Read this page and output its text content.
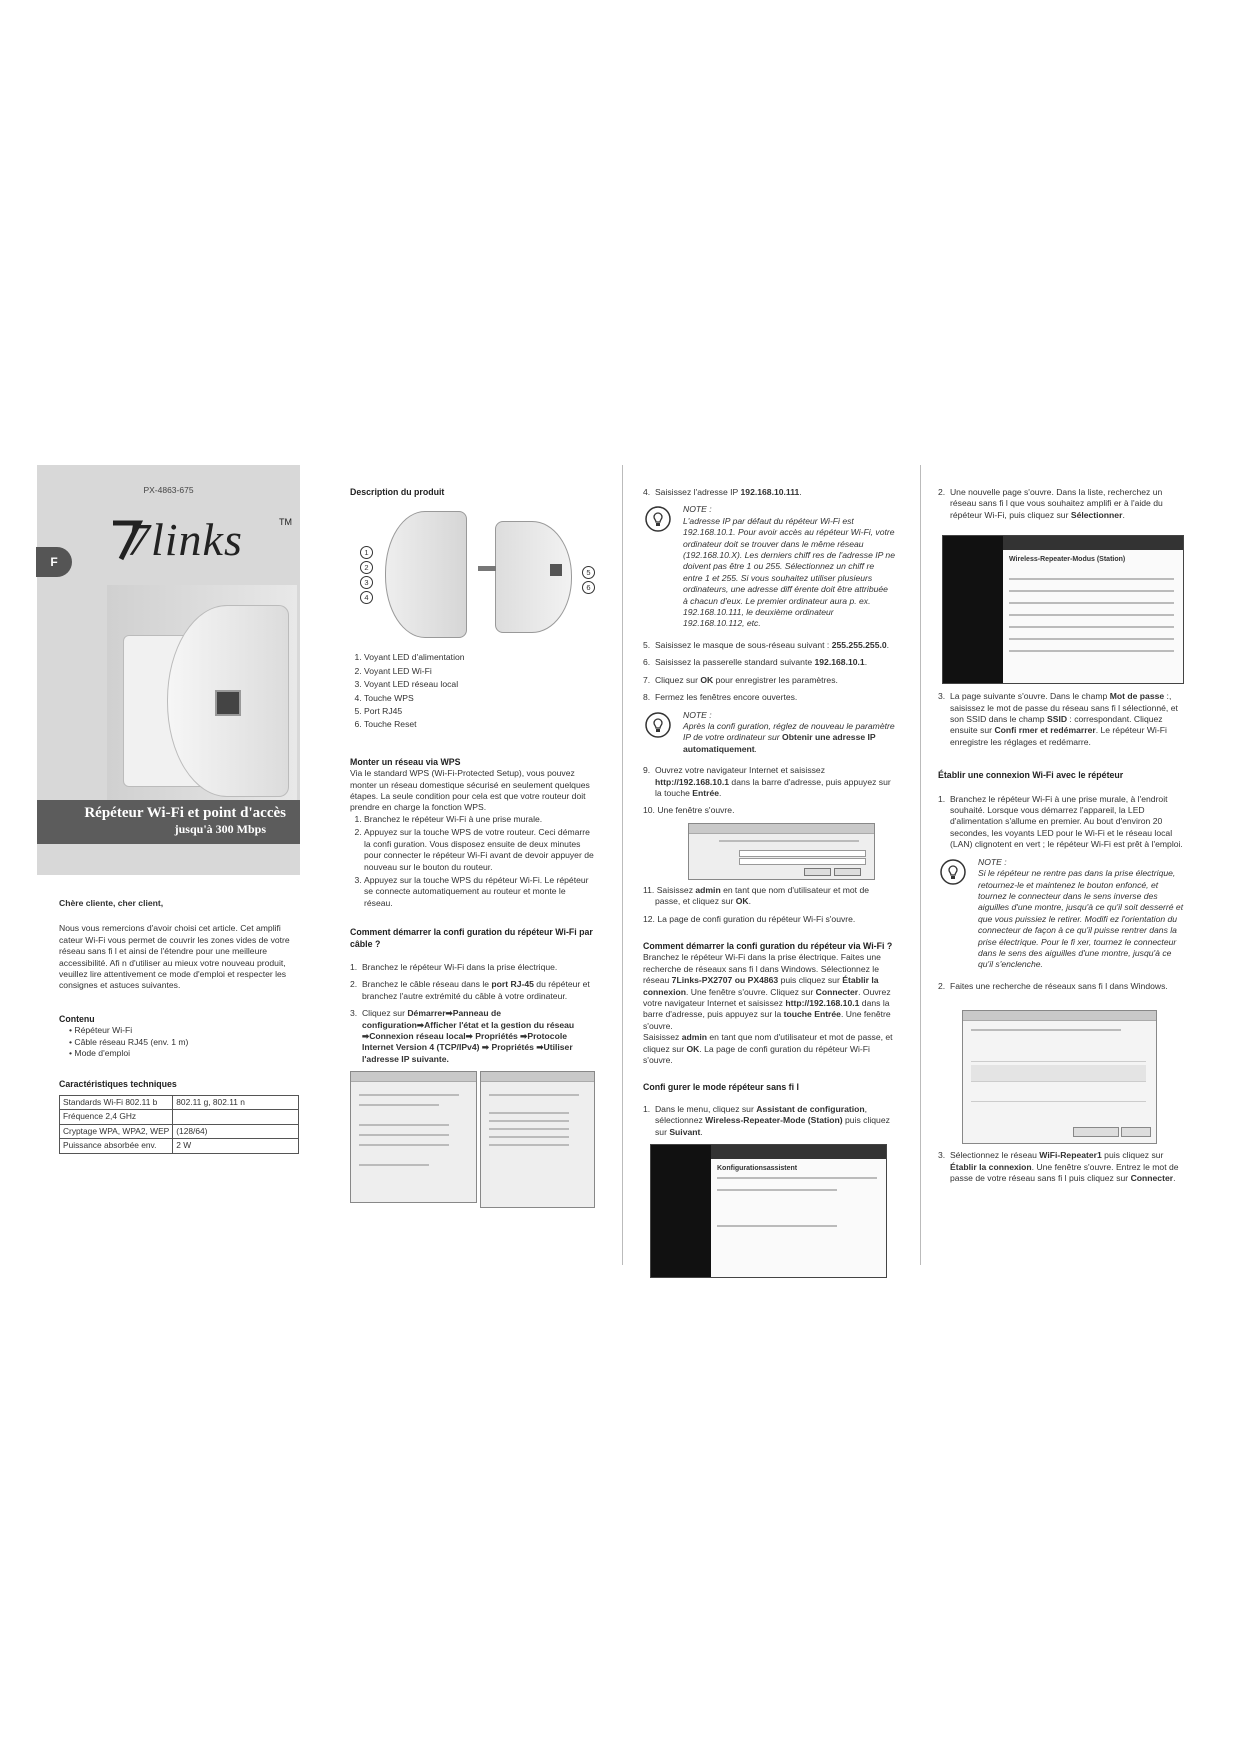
PX-4863-675
7links	TM
F
Répéteur Wi-Fi et point d'accès
jusqu'à 300 Mbps

Chère cliente, cher client,

Nous vous remercions d'avoir choisi cet article. Cet amplifi cateur Wi-Fi vous permet de couvrir les zones vides de votre réseau sans fi l et ainsi de l'étendre pour une meilleure accessibilité. Afi n d'utiliser au mieux votre nouveau produit, veuillez lire attentivement ce mode d'emploi et respecter les consignes et astuces suivantes.

Contenu
• Répéteur Wi-Fi
• Câble réseau RJ45 (env. 1 m)
• Mode d'emploi
Caractéristiques techniques
Standards Wi-Fi 802.11 b	802.11 g, 802.11 n
Fréquence 2,4 GHz	
Cryptage WPA, WPA2, WEP	(128/64)
Puissance absorbée env.	2 W
Description du produit
1
2
3
4
5
6
1. Voyant LED d'alimentation
2. Voyant LED Wi-Fi
3. Voyant LED réseau local
4. Touche WPS
5. Port RJ45
6. Touche Reset
Monter un réseau via WPS

Via le standard WPS (Wi-Fi-Protected Setup), vous pouvez monter un réseau domestique sécurisé en seulement quelques étapes. La seule condition pour cela est que votre routeur doit prendre en charge la fonction WPS.

1. Branchez le répéteur Wi-Fi à une prise murale.
2. Appuyez sur la touche WPS de votre routeur. Ceci démarre la confi guration. Vous disposez ensuite de deux minutes pour connecter le répéteur Wi-Fi avant de devoir appuyer de nouveau sur le bouton du routeur.
3. Appuyez sur la touche WPS du répéteur Wi-Fi. Le répéteur se connecte automatiquement au routeur et monte le réseau.
Comment démarrer la confi guration du répéteur Wi-Fi par câble ?

1.  Branchez le répéteur Wi-Fi dans la prise électrique.

2.  Branchez le câble réseau dans le port RJ-45 du répéteur et branchez l'autre extrémité du câble à votre ordinateur.

3.  Cliquez sur Démarrer➡Panneau de configuration➡Afficher l'état et la gestion du réseau ➡Connexion réseau local➡ Propriétés ➡Protocole Internet Version 4 (TCP/IPv4) ➡ Propriétés ➡Utiliser l'adresse IP suivante.

4.  Saisissez l'adresse IP 192.168.10.111.

NOTE :
L'adresse IP par défaut du répéteur Wi-Fi est 192.168.10.1. Pour avoir accès au répéteur Wi-Fi, votre ordinateur doit se trouver dans le même réseau (192.168.10.X). Les derniers chiff res de l'adresse IP ne doivent pas être 1 ou 255. Sélectionnez un chiff re entre 1 et 255. Si vous souhaitez utiliser plusieurs ordinateurs, une adresse diff érente doit être attribuée à chacun d'eux. Le premier ordinateur aura p. ex. 192.168.10.111, le deuxième ordinateur 192.168.10.112, etc.

5.  Saisissez le masque de sous-réseau suivant : 255.255.255.0.

6.  Saisissez la passerelle standard suivante 192.168.10.1.

7.  Cliquez sur OK pour enregistrer les paramètres.

8.  Fermez les fenêtres encore ouvertes.

NOTE :
Après la confi guration, réglez de nouveau le paramètre IP de votre ordinateur sur Obtenir une adresse IP automatiquement.

9.  Ouvrez votre navigateur Internet et saisissez http://192.168.10.1 dans la barre d'adresse, puis appuyez sur la touche Entrée.

10. Une fenêtre s'ouvre.

11. Saisissez admin en tant que nom d'utilisateur et mot de passe, et cliquez sur OK.

12. La page de confi guration du répéteur Wi-Fi s'ouvre.

Comment démarrer la confi guration du répéteur via Wi-Fi ?

Branchez le répéteur Wi-Fi dans la prise électrique. Faites une recherche de réseaux sans fi l dans Windows. Sélectionnez le réseau 7Links-PX2707 ou PX4863 puis cliquez sur Établir la connexion. Une fenêtre s'ouvre. Cliquez sur Connecter. Ouvrez votre navigateur Internet et saisissez http://192.168.10.1 dans la barre d'adresse, puis appuyez sur la touche Entrée. Une fenêtre s'ouvre.

Saisissez admin en tant que nom d'utilisateur et mot de passe, et cliquez sur OK. La page de confi guration du répéteur Wi-Fi s'ouvre.

Confi gurer le mode répéteur sans fi l

1.  Dans le menu, cliquez sur Assistant de configuration, sélectionnez Wireless-Repeater-Mode (Station) puis cliquez sur Suivant.

Konfigurationsassistent

2.  Une nouvelle page s'ouvre. Dans la liste, recherchez un réseau sans fi l que vous souhaitez amplifi er à l'aide du répéteur Wi-Fi, puis cliquez sur Sélectionner.

Wireless-Repeater-Modus (Station)

3.  La page suivante s'ouvre. Dans le champ Mot de passe :, saisissez le mot de passe du réseau sans fi l sélectionné, et son SSID dans le champ SSID : correspondant. Cliquez ensuite sur Confi rmer et redémarrer. Le répéteur Wi-Fi enregistre les réglages et redémarre.

Établir une connexion Wi-Fi avec le répéteur

1.  Branchez le répéteur Wi-Fi à une prise murale, à l'endroit souhaité. Lorsque vous démarrez l'appareil, la LED d'alimentation s'allume en premier. Au bout d'environ 20 secondes, les voyants LED pour le Wi-Fi et le réseau local (LAN) clignotent en vert ; le répéteur Wi-Fi est prêt à l'emploi.

NOTE :
Si le répéteur ne rentre pas dans la prise électrique, retournez-le et maintenez le bouton enfoncé, et tournez le connecteur dans le sens inverse des aiguilles d'une montre, jusqu'à ce qu'il soit desserré et que vous puissiez le retirer. Modifi ez l'orientation du connecteur de façon à ce qu'il puisse rentrer dans la prise électrique. Pour le fi xer, tournez le connecteur dans le sens des aiguilles d'une montre, jusqu'à ce qu'il s'enclenche.

2.  Faites une recherche de réseaux sans fi l dans Windows.

3.  Sélectionnez le réseau WiFi-Repeater1 puis cliquez sur Établir la connexion. Une fenêtre s'ouvre. Entrez le mot de passe de votre réseau sans fi l puis cliquez sur Connecter.
